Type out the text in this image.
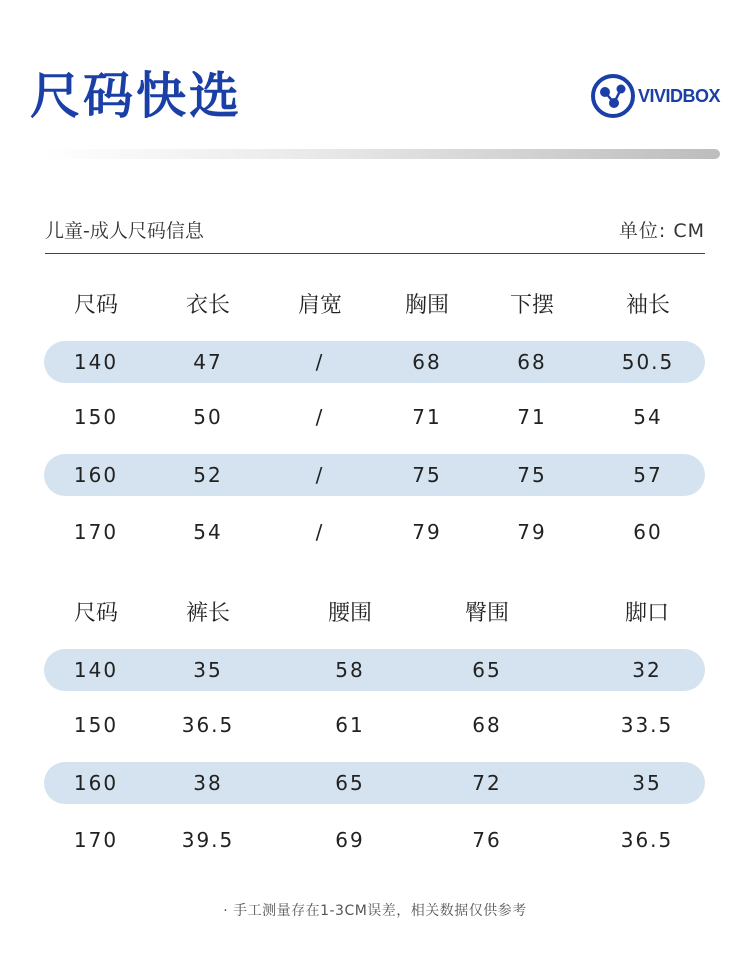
尺码快选	VIVIDBOX
儿童-成人尺码信息	单位: CM
尺码	衣长	肩宽	胸围	下摆	袖长
140	47	/	68	68	50.5
150	50	/	71	71	54
160	52	/	75	75	57
170	54	/	79	79	60
尺码	裤长	腰围	臀围	脚口
140	35	58	65	32
150	36.5	61	68	33.5
160	38	65	72	35
170	39.5	69	76	36.5
· 手工测量存在1-3CM误差，相关数据仅供参考
